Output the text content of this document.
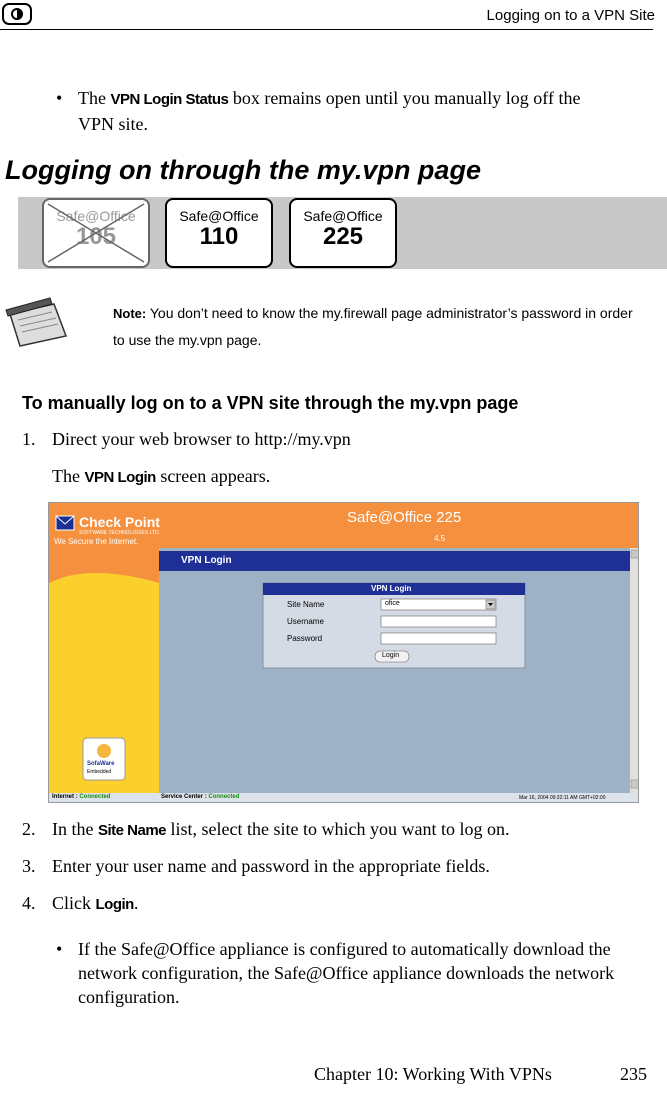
Logging on to a VPN Site
• The VPN Login Status box remains open until you manually log off the VPN site.
Logging on through the my.vpn page
Safe@Office
105
Safe@Office
110
Safe@Office
225
Note: You don’t need to know the my.firewall page administrator’s password in order to use the my.vpn page.
To manually log on to a VPN site through the my.vpn page
1. Direct your web browser to http://my.vpn
The VPN Login screen appears.
Check Point
SOFTWARE TECHNOLOGIES LTD.
We Secure the Internet.
Safe@Office 225
4.5
VPN Login
VPN Login
Site Name	ofice
Username
Password
Login
SofaWare
Embedded
Internet : Connected	Service Center : Connected	Mar 16, 2004 09:32:11 AM GMT+02:00
2. In the Site Name list, select the site to which you want to log on.
3. Enter your user name and password in the appropriate fields.
4. Click Login.
• If the Safe@Office appliance is configured to automatically download the network configuration, the Safe@Office appliance downloads the network configuration.
Chapter 10: Working With VPNs	235
